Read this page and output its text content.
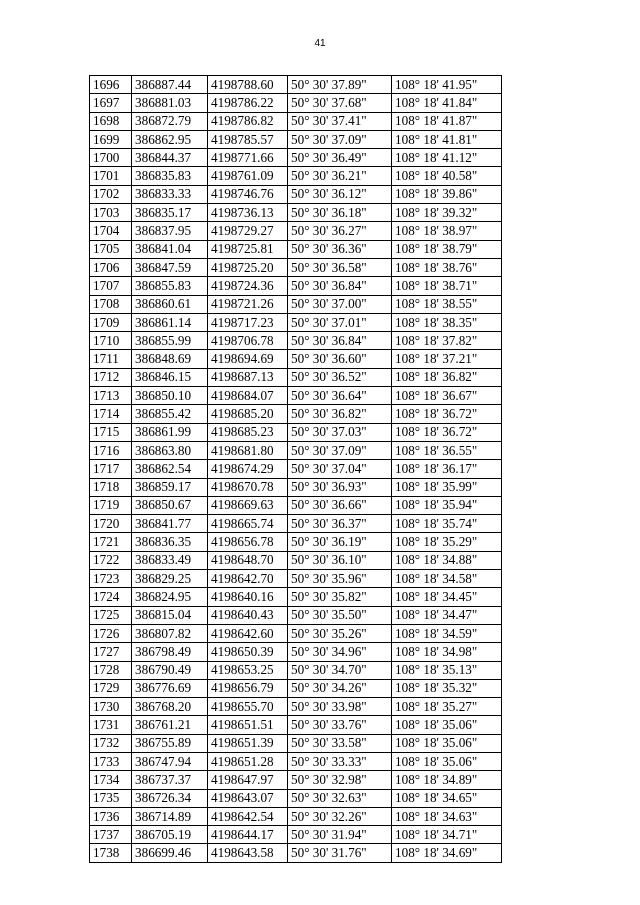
41
1696	386887.44	4198788.60	50° 30' 37.89"	108° 18' 41.95"
1697	386881.03	4198786.22	50° 30' 37.68"	108° 18' 41.84"
1698	386872.79	4198786.82	50° 30' 37.41"	108° 18' 41.87"
1699	386862.95	4198785.57	50° 30' 37.09"	108° 18' 41.81"
1700	386844.37	4198771.66	50° 30' 36.49"	108° 18' 41.12"
1701	386835.83	4198761.09	50° 30' 36.21"	108° 18' 40.58"
1702	386833.33	4198746.76	50° 30' 36.12"	108° 18' 39.86"
1703	386835.17	4198736.13	50° 30' 36.18"	108° 18' 39.32"
1704	386837.95	4198729.27	50° 30' 36.27"	108° 18' 38.97"
1705	386841.04	4198725.81	50° 30' 36.36"	108° 18' 38.79"
1706	386847.59	4198725.20	50° 30' 36.58"	108° 18' 38.76"
1707	386855.83	4198724.36	50° 30' 36.84"	108° 18' 38.71"
1708	386860.61	4198721.26	50° 30' 37.00"	108° 18' 38.55"
1709	386861.14	4198717.23	50° 30' 37.01"	108° 18' 38.35"
1710	386855.99	4198706.78	50° 30' 36.84"	108° 18' 37.82"
1711	386848.69	4198694.69	50° 30' 36.60"	108° 18' 37.21"
1712	386846.15	4198687.13	50° 30' 36.52"	108° 18' 36.82"
1713	386850.10	4198684.07	50° 30' 36.64"	108° 18' 36.67"
1714	386855.42	4198685.20	50° 30' 36.82"	108° 18' 36.72"
1715	386861.99	4198685.23	50° 30' 37.03"	108° 18' 36.72"
1716	386863.80	4198681.80	50° 30' 37.09"	108° 18' 36.55"
1717	386862.54	4198674.29	50° 30' 37.04"	108° 18' 36.17"
1718	386859.17	4198670.78	50° 30' 36.93"	108° 18' 35.99"
1719	386850.67	4198669.63	50° 30' 36.66"	108° 18' 35.94"
1720	386841.77	4198665.74	50° 30' 36.37"	108° 18' 35.74"
1721	386836.35	4198656.78	50° 30' 36.19"	108° 18' 35.29"
1722	386833.49	4198648.70	50° 30' 36.10"	108° 18' 34.88"
1723	386829.25	4198642.70	50° 30' 35.96"	108° 18' 34.58"
1724	386824.95	4198640.16	50° 30' 35.82"	108° 18' 34.45"
1725	386815.04	4198640.43	50° 30' 35.50"	108° 18' 34.47"
1726	386807.82	4198642.60	50° 30' 35.26"	108° 18' 34.59"
1727	386798.49	4198650.39	50° 30' 34.96"	108° 18' 34.98"
1728	386790.49	4198653.25	50° 30' 34.70"	108° 18' 35.13"
1729	386776.69	4198656.79	50° 30' 34.26"	108° 18' 35.32"
1730	386768.20	4198655.70	50° 30' 33.98"	108° 18' 35.27"
1731	386761.21	4198651.51	50° 30' 33.76"	108° 18' 35.06"
1732	386755.89	4198651.39	50° 30' 33.58"	108° 18' 35.06"
1733	386747.94	4198651.28	50° 30' 33.33"	108° 18' 35.06"
1734	386737.37	4198647.97	50° 30' 32.98"	108° 18' 34.89"
1735	386726.34	4198643.07	50° 30' 32.63"	108° 18' 34.65"
1736	386714.89	4198642.54	50° 30' 32.26"	108° 18' 34.63"
1737	386705.19	4198644.17	50° 30' 31.94"	108° 18' 34.71"
1738	386699.46	4198643.58	50° 30' 31.76"	108° 18' 34.69"
